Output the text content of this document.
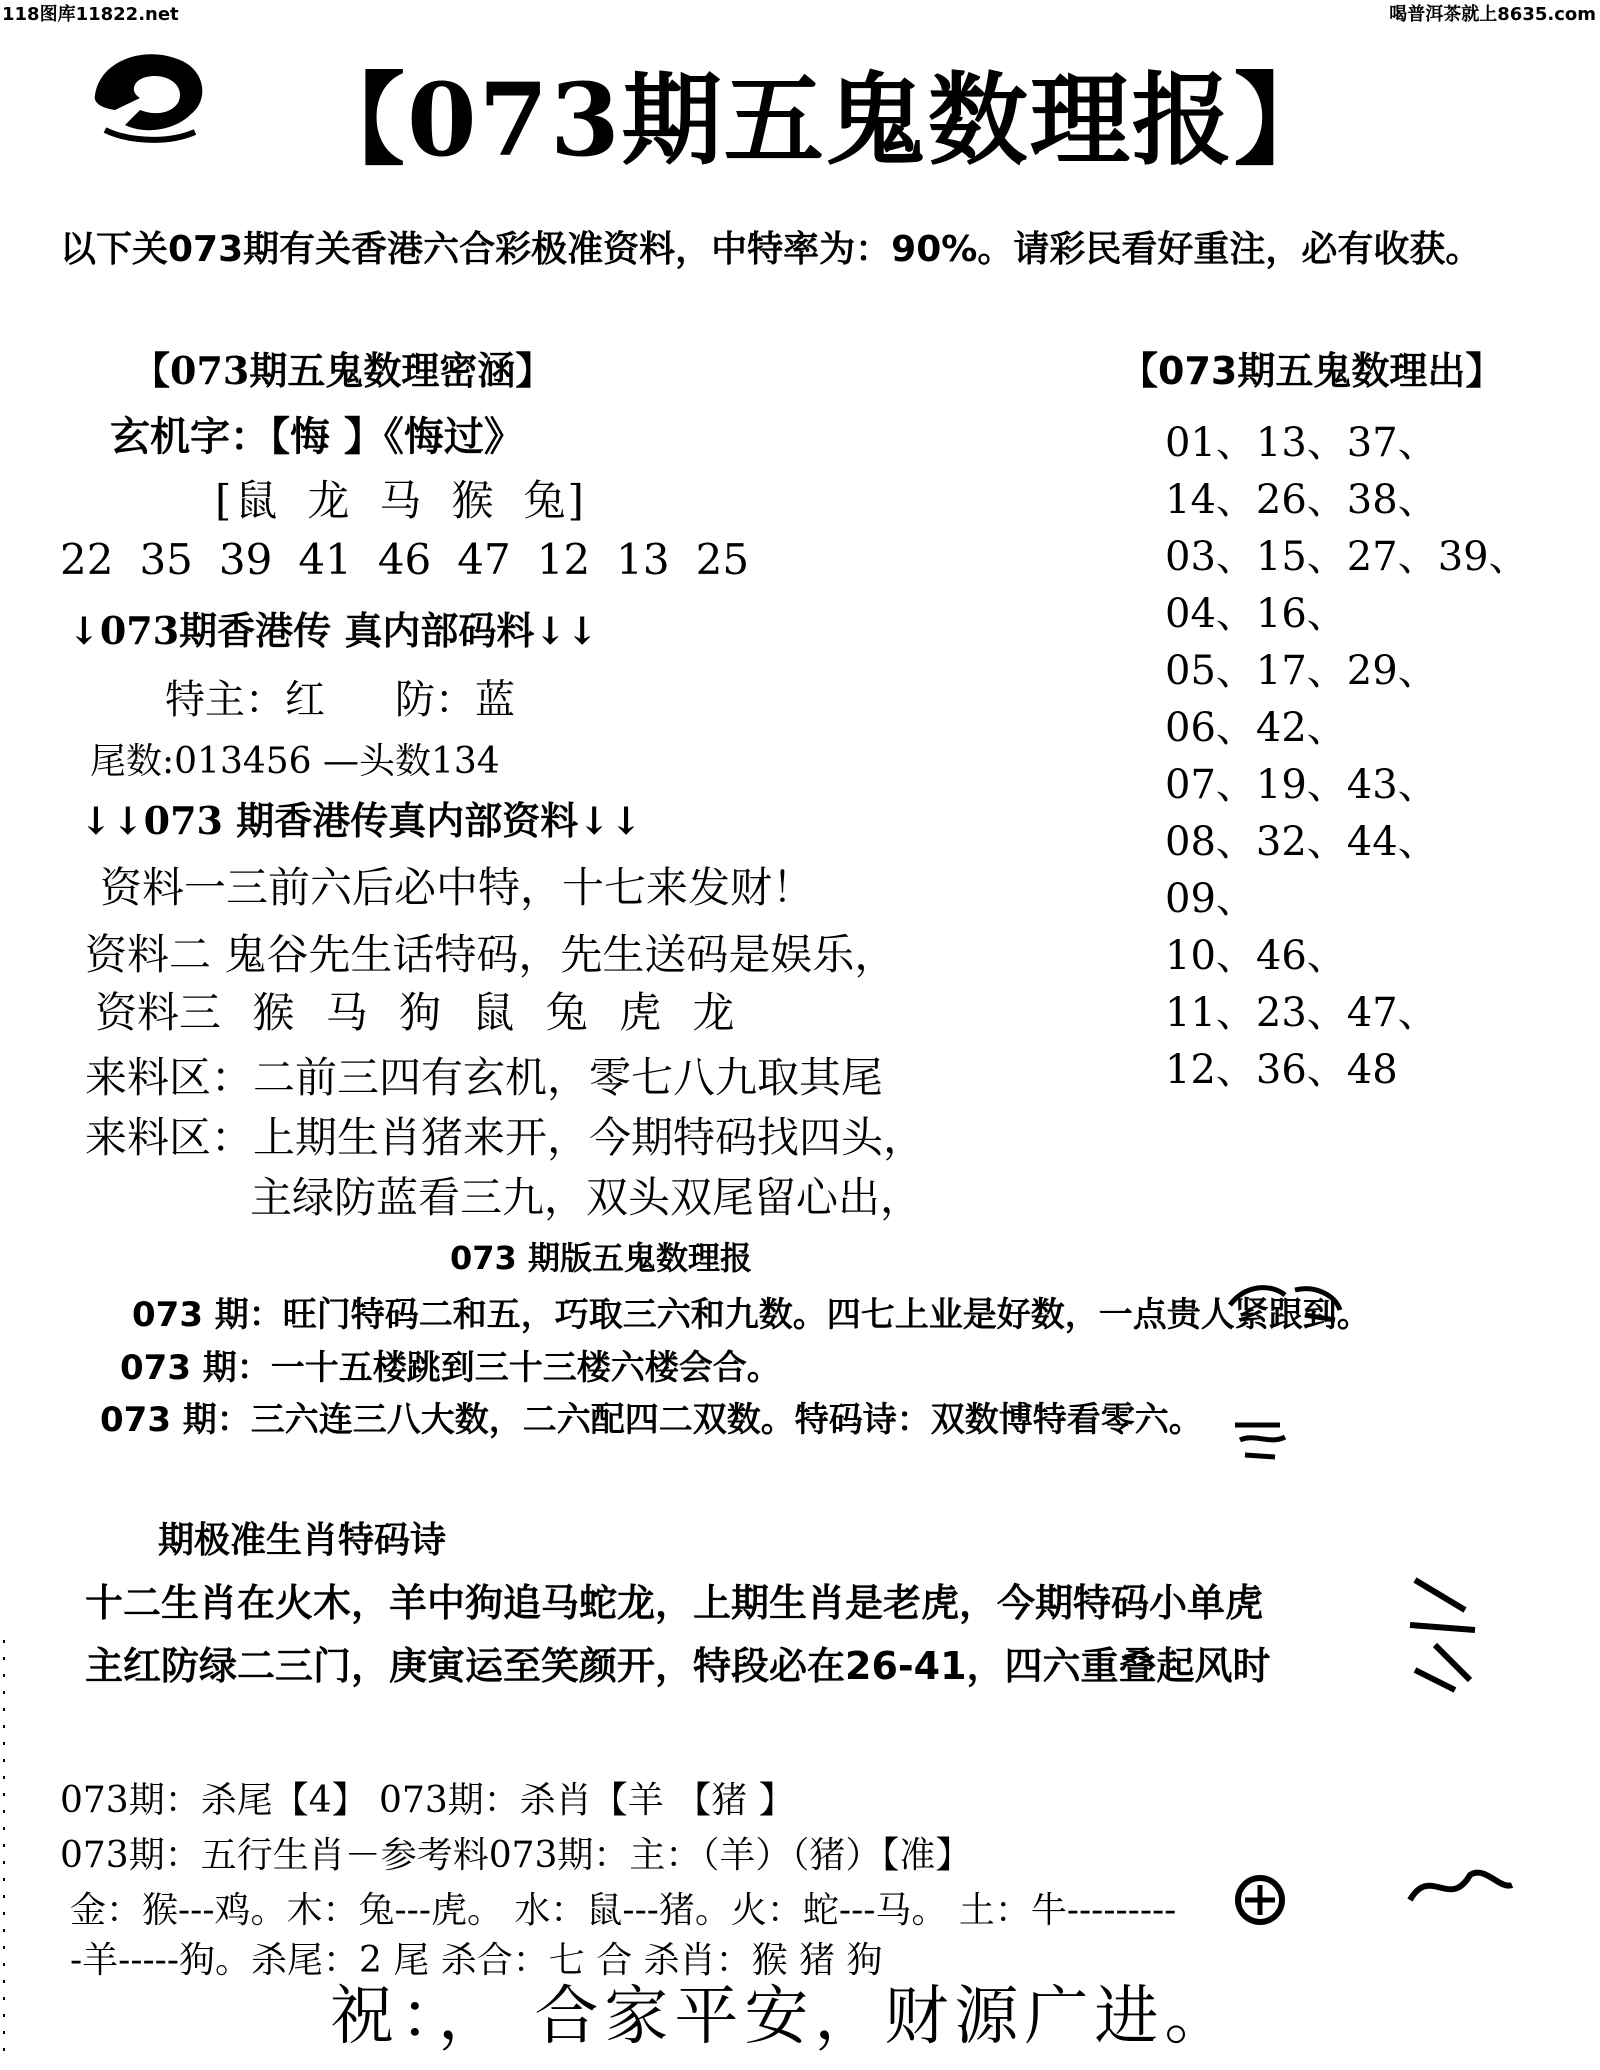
118图库11822.net	喝普洱茶就上8635.com
【073期五鬼数理报】
以下关073期有关香港六合彩极准资料，中特率为：90%。请彩民看好重注，必有收获。
【073期五鬼数理密涵】
玄机字：【悔 】《悔过》
[鼠 龙 马 猴 兔]
22 35 39 41 46 47 12 13 25
↓073期香港传 真内部码料↓↓
特主：红 防：蓝
尾数:013456 —头数134
↓↓073 期香港传真内部资料↓↓
资料一三前六后必中特，十七来发财！
资料二 鬼谷先生话特码，先生送码是娱乐，
资料三 猴 马 狗 鼠 兔 虎 龙
来料区：二前三四有玄机，零七八九取其尾
来料区：上期生肖猪来开，今期特码找四头，
主绿防蓝看三九，双头双尾留心出，
【073期五鬼数理出】
01、13、37、
14、26、38、
03、15、27、39、
04、16、
05、17、29、
06、42、
07、19、43、
08、32、44、
09、
10、46、
11、23、47、
12、36、48
073 期版五鬼数理报
073 期：旺门特码二和五，巧取三六和九数。四七上业是好数，一点贵人紧跟到。
073 期：一十五楼跳到三十三楼六楼会合。
073 期：三六连三八大数，二六配四二双数。特码诗：双数博特看零六。
期极准生肖特码诗
十二生肖在火木，羊中狗追马蛇龙，上期生肖是老虎，今期特码小单虎
主红防绿二三门，庚寅运至笑颜开，特段必在26-41，四六重叠起风时
073期：杀尾【4】 073期：杀肖【羊 【猪 】
073期：五行生肖－参考料073期：主：（羊）（猪）【准】
金：猴---鸡。木：兔---虎。 水：鼠---猪。火：蛇---马。 土：牛---------
-羊-----狗。杀尾：2 尾 杀合：七 合 杀肖：猴 猪 狗
祝：， 合家平安，财源广进。
